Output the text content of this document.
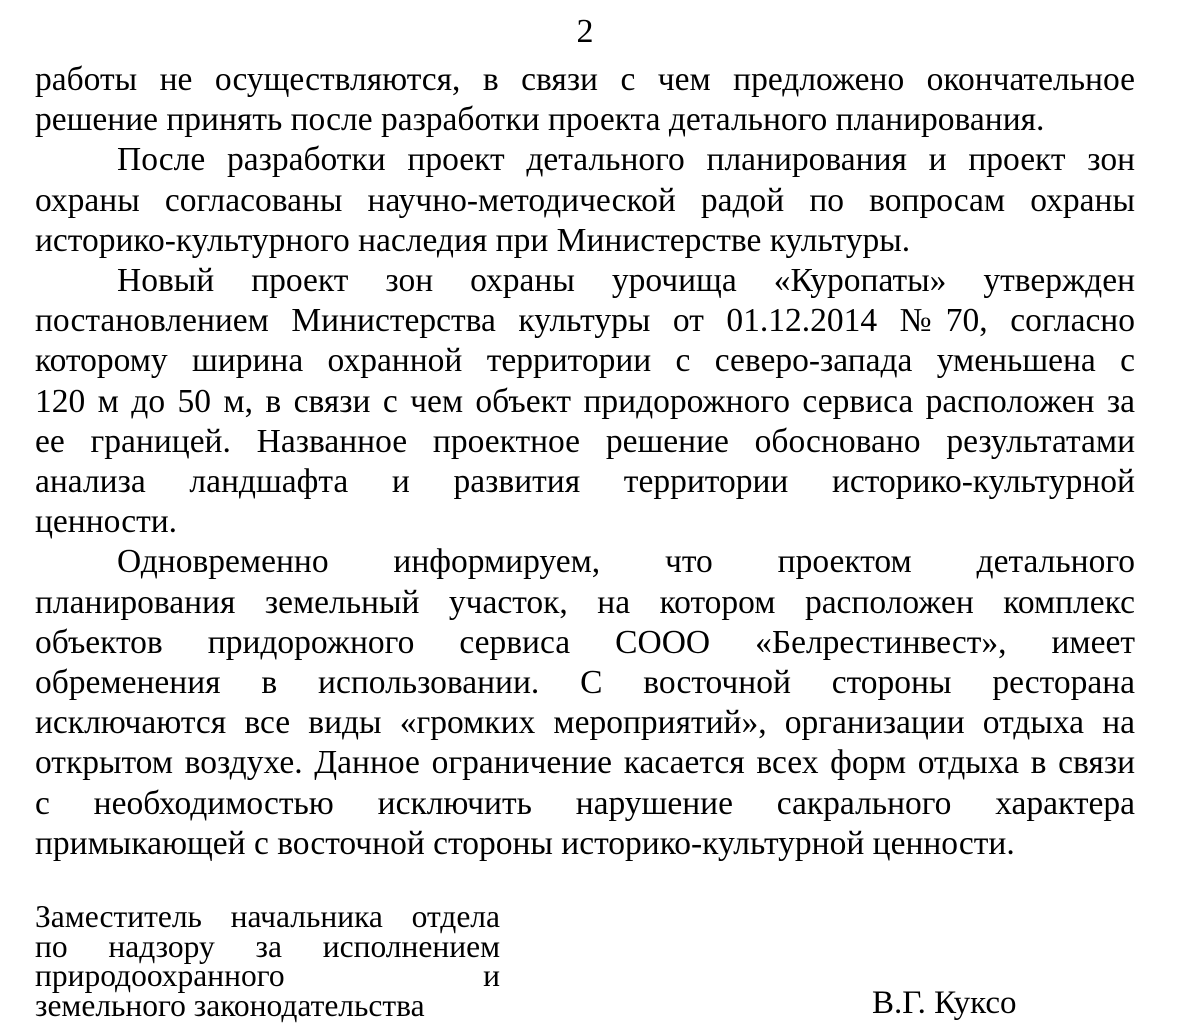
2

работы не осуществляются, в связи с чем предложено окончательное
решение принять после разработки проекта детального планирования.

После разработки проект детального планирования и проект зон
охраны согласованы научно-методической радой по вопросам охраны
историко-культурного наследия при Министерстве культуры.

Новый проект зон охраны урочища «Куропаты» утвержден
постановлением Министерства культуры от 01.12.2014 №70, согласно
которому ширина охранной территории с северо-запада уменьшена с
120 м до 50 м, в связи с чем объект придорожного сервиса расположен за
ее границей. Названное проектное решение обосновано результатами
анализа ландшафта и развития территории историко-культурной
ценности.

Одновременно информируем, что проектом детального
планирования земельный участок, на котором расположен комплекс
объектов придорожного сервиса СООО «Белрестинвест», имеет
обременения в использовании. С восточной стороны ресторана
исключаются все виды «громких мероприятий», организации отдыха на
открытом воздухе. Данное ограничение касается всех форм отдыха в связи
с необходимостью исключить нарушение сакрального характера
примыкающей с восточной стороны историко-культурной ценности.

Заместитель начальника отдела
по надзору за исполнением
природоохранного и
земельного законодательства	В.Г. Куксо
